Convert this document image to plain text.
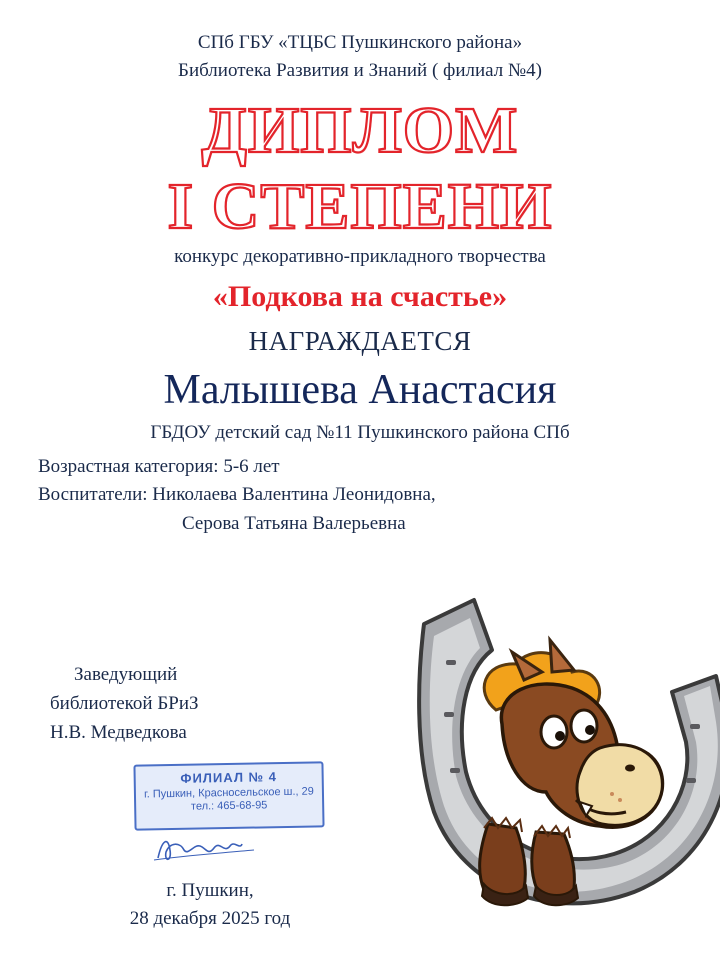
СПб ГБУ «ТЦБС Пушкинского района»
Библиотека Развития и Знаний ( филиал №4)
ДИПЛОМ
I СТЕПЕНИ
конкурс декоративно-прикладного творчества
«Подкова на счастье»
НАГРАЖДАЕТСЯ
Малышева Анастасия
ГБДОУ детский сад №11 Пушкинского района СПб
Возрастная категория: 5-6 лет
Воспитатели: Николаева Валентина Леонидовна,
Серова Татьяна Валерьевна
Заведующий
библиотекой БРиЗ
Н.В. Медведкова
ФИЛИАЛ № 4
г. Пушкин, Красносельское ш., 29
тел.: 465-68-95
г. Пушкин,
28 декабря 2025 год
